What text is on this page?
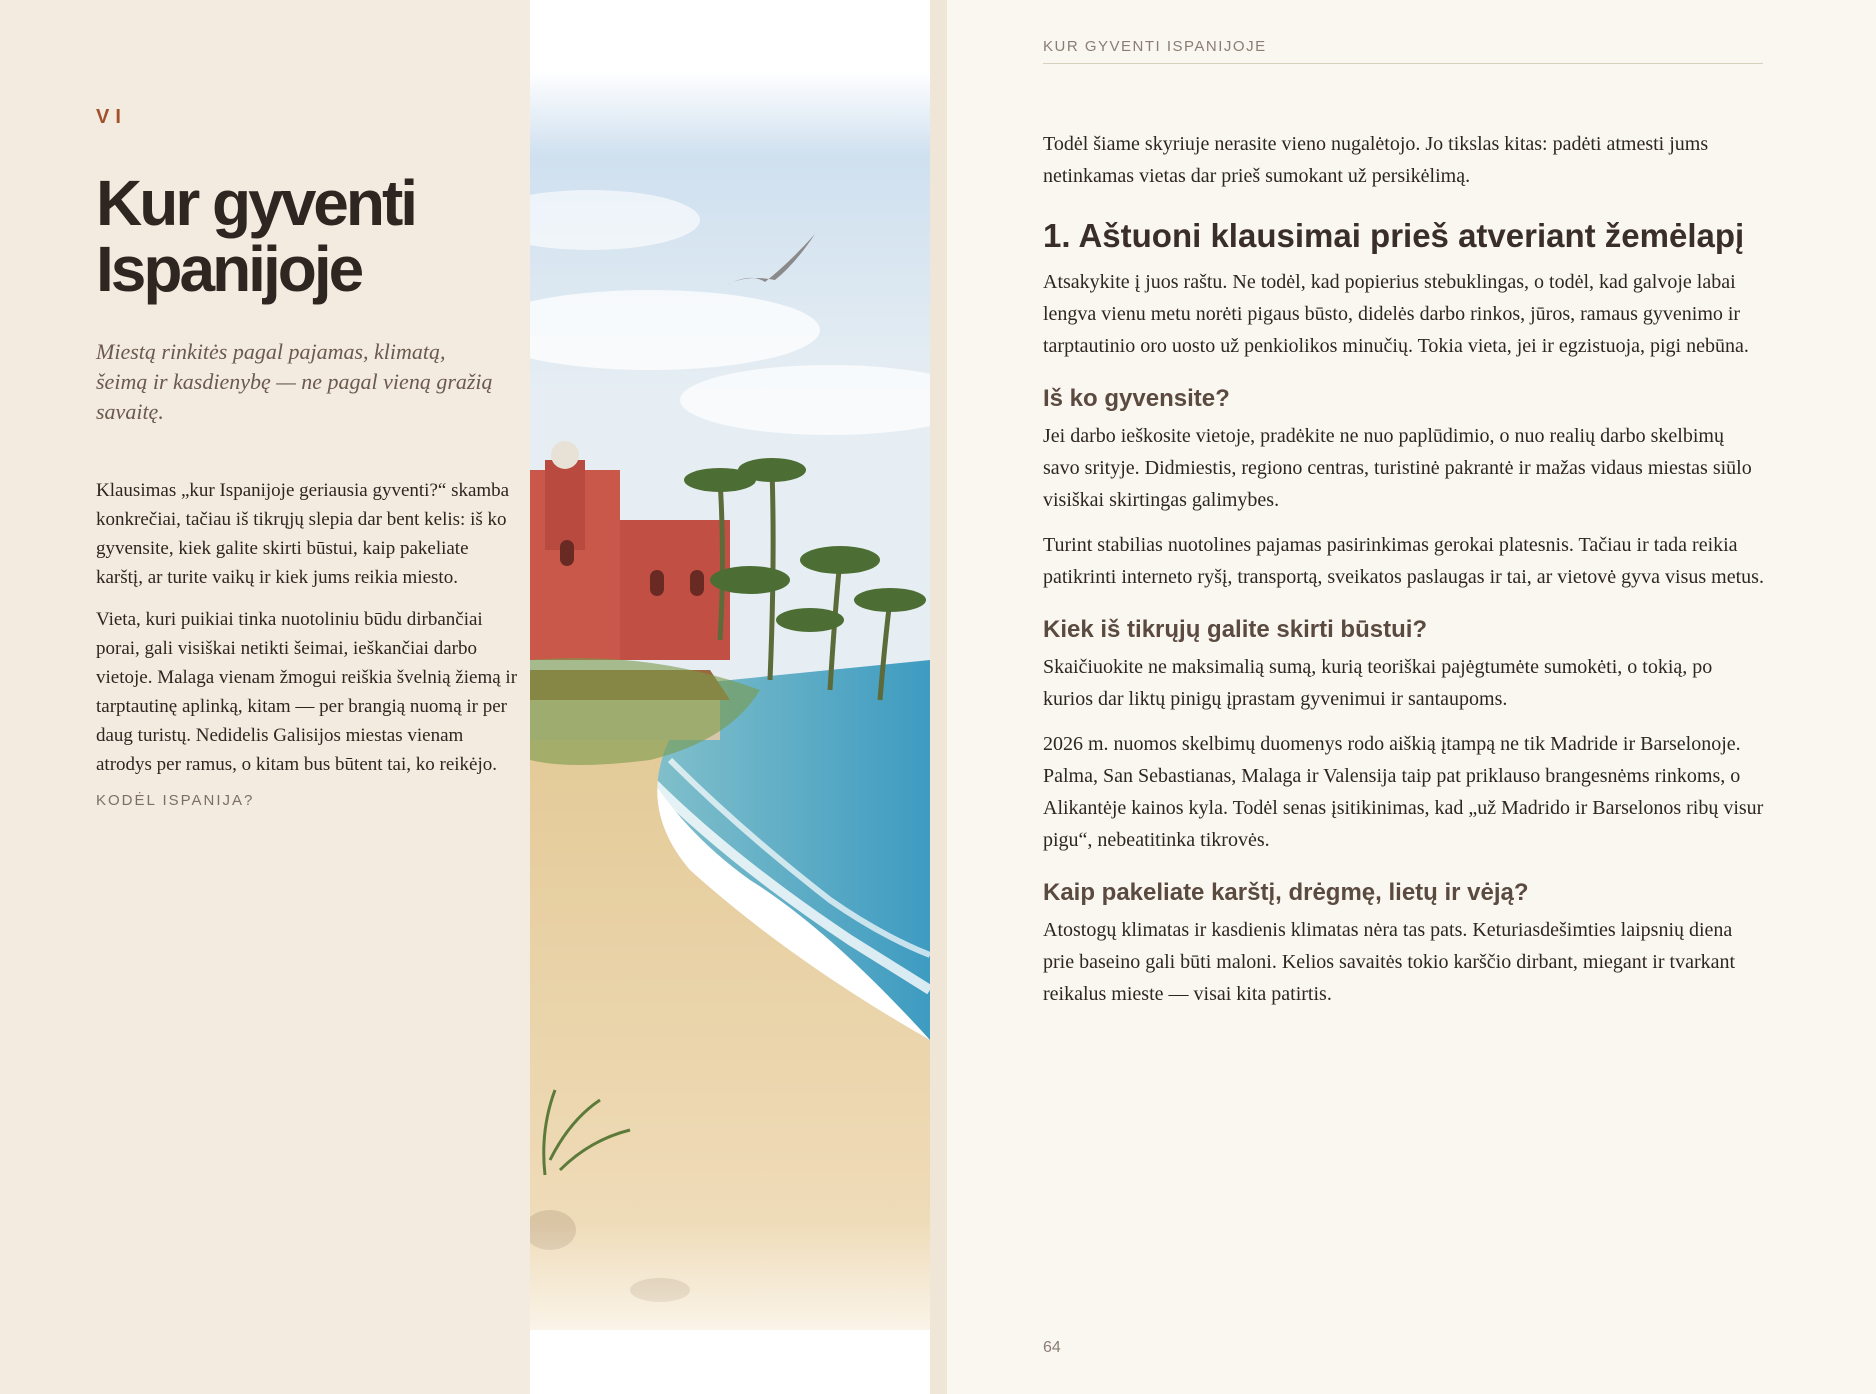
VI
Kur gyventi Ispanijoje

Miestą rinkitės pagal pajamas, klimatą, šeimą ir kasdienybę — ne pagal vieną gražią savaitę.

Klausimas „kur Ispanijoje geriausia gyventi?“ skamba konkrečiai, tačiau iš tikrųjų slepia dar bent kelis: iš ko gyvensite, kiek galite skirti būstui, kaip pakeliate karštį, ar turite vaikų ir kiek jums reikia miesto.

Vieta, kuri puikiai tinka nuotoliniu būdu dirbančiai porai, gali visiškai netikti šeimai, ieškančiai darbo vietoje. Malaga vienam žmogui reiškia švelnią žiemą ir tarptautinę aplinką, kitam — per brangią nuomą ir per daug turistų. Nedidelis Galisijos miestas vienam atrodys per ramus, o kitam bus būtent tai, ko reikėjo.

KODĖL ISPANIJA?
KUR GYVENTI ISPANIJOJE

Todėl šiame skyriuje nerasite vieno nugalėtojo. Jo tikslas kitas: padėti atmesti jums netinkamas vietas dar prieš sumokant už persikėlimą.

1. Aštuoni klausimai prieš atveriant žemėlapį

Atsakykite į juos raštu. Ne todėl, kad popierius stebuklingas, o todėl, kad galvoje labai lengva vienu metu norėti pigaus būsto, didelės darbo rinkos, jūros, ramaus gyvenimo ir tarptautinio oro uosto už penkiolikos minučių. Tokia vieta, jei ir egzistuoja, pigi nebūna.

Iš ko gyvensite?

Jei darbo ieškosite vietoje, pradėkite ne nuo paplūdimio, o nuo realių darbo skelbimų savo srityje. Didmiestis, regiono centras, turistinė pakrantė ir mažas vidaus miestas siūlo visiškai skirtingas galimybes.

Turint stabilias nuotolines pajamas pasirinkimas gerokai platesnis. Tačiau ir tada reikia patikrinti interneto ryšį, transportą, sveikatos paslaugas ir tai, ar vietovė gyva visus metus.

Kiek iš tikrųjų galite skirti būstui?

Skaičiuokite ne maksimalią sumą, kurią teoriškai pajėgtumėte sumokėti, o tokią, po kurios dar liktų pinigų įprastam gyvenimui ir santaupoms.

2026 m. nuomos skelbimų duomenys rodo aiškią įtampą ne tik Madride ir Barselonoje. Palma, San Sebastianas, Malaga ir Valensija taip pat priklauso brangesnėms rinkoms, o Alikantėje kainos kyla. Todėl senas įsitikinimas, kad „už Madrido ir Barselonos ribų visur pigu“, nebeatitinka tikrovės.

Kaip pakeliate karštį, drėgmę, lietų ir vėją?

Atostogų klimatas ir kasdienis klimatas nėra tas pats. Keturiasdešimties laipsnių diena prie baseino gali būti maloni. Kelios savaitės tokio karščio dirbant, miegant ir tvarkant reikalus mieste — visai kita patirtis.

64
